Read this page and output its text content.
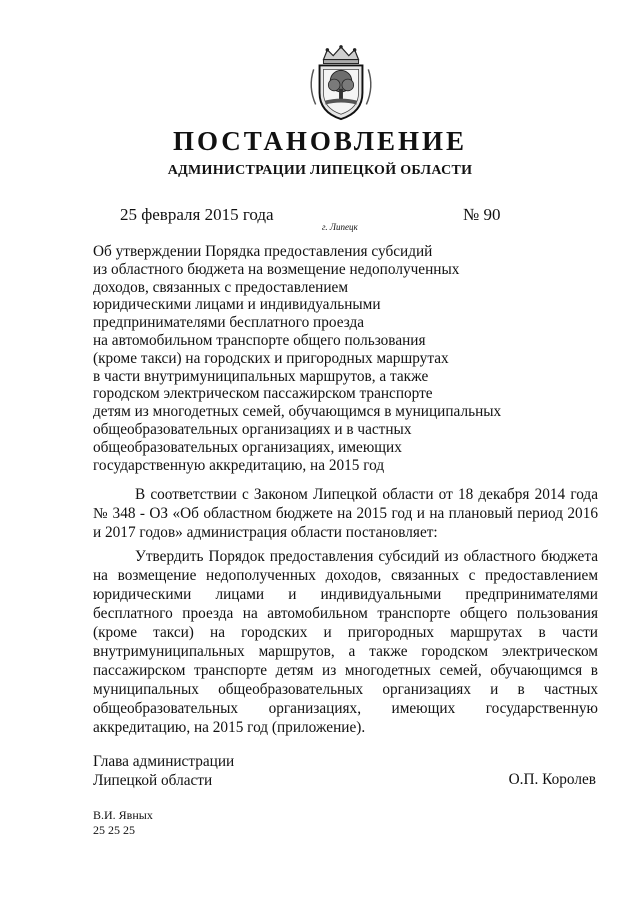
ПОСТАНОВЛЕНИЕ
АДМИНИСТРАЦИИ ЛИПЕЦКОЙ ОБЛАСТИ
25 февраля 2015 года
г. Липецк
№ 90
Об утверждении Порядка предоставления субсидий
из областного бюджета на возмещение недополученных
доходов, связанных с предоставлением
юридическими лицами и индивидуальными
предпринимателями бесплатного проезда
на автомобильном транспорте общего пользования
(кроме такси) на городских и пригородных маршрутах
в части внутримуниципальных маршрутов, а также
городском электрическом пассажирском транспорте
детям из многодетных семей, обучающимся в муниципальных
общеобразовательных организациях и в частных
общеобразовательных организациях, имеющих
государственную аккредитацию, на 2015 год
В соответствии с Законом Липецкой области от 18 декабря 2014 года № 348 - ОЗ «Об областном бюджете на 2015 год и на плановый период 2016 и 2017 годов» администрация области постановляет:
Утвердить Порядок предоставления субсидий из областного бюджета на возмещение недополученных доходов, связанных с предоставлением юридическими лицами и индивидуальными предпринимателями бесплатного проезда на автомобильном транспорте общего пользования (кроме такси) на городских и пригородных маршрутах в части внутримуниципальных маршрутов, а также городском электрическом пассажирском транспорте детям из многодетных семей, обучающимся в муниципальных общеобразовательных организациях и в частных общеобразовательных организациях, имеющих государственную аккредитацию, на 2015 год (приложение).
Глава администрации
Липецкой области	О.П. Королев
В.И. Явных
25 25 25
